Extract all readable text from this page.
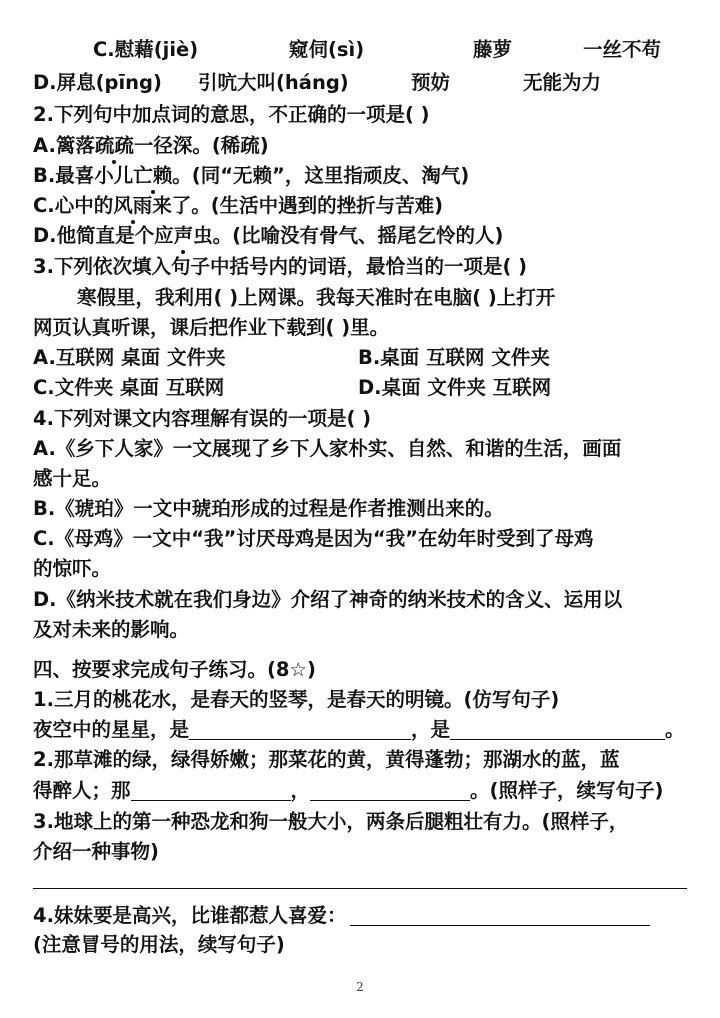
C.慰藉(jiè)	窥伺(sì)	藤萝	一丝不苟
D.屏息(pīng) 引吭大叫(háng)	预妨	无能为力
2.下列句中加点词的意思，不正确的一项是( )
A.篱落疏疏一径深。(稀疏)
B.最喜小儿亡赖。(同“无赖”，这里指顽皮、淘气)
C.心中的风雨来了。(生活中遇到的挫折与苦难)
D.他简直是个应声虫。(比喻没有骨气、摇尾乞怜的人)
3.下列依次填入句子中括号内的词语，最恰当的一项是( )
寒假里，我利用( )上网课。我每天准时在电脑( )上打开
网页认真听课，课后把作业下载到( )里。
A.互联网 桌面 文件夹	B.桌面 互联网 文件夹
C.文件夹 桌面 互联网	D.桌面 文件夹 互联网
4.下列对课文内容理解有误的一项是( )
A.《乡下人家》一文展现了乡下人家朴实、自然、和谐的生活，画面
感十足。
B.《琥珀》一文中琥珀形成的过程是作者推测出来的。
C.《母鸡》一文中“我”讨厌母鸡是因为“我”在幼年时受到了母鸡
的惊吓。
D.《纳米技术就在我们身边》介绍了神奇的纳米技术的含义、运用以
及对未来的影响。
四、按要求完成句子练习。(8☆)
1.三月的桃花水，是春天的竖琴，是春天的明镜。(仿写句子)
夜空中的星星，是	，是	。
2.那草滩的绿，绿得娇嫩；那菜花的黄，黄得蓬勃；那湖水的蓝，蓝
得醉人；那	，	。(照样子，续写句子)
3.地球上的第一种恐龙和狗一般大小，两条后腿粗壮有力。(照样子，
介绍一种事物)
4.妹妹要是高兴，比谁都惹人喜爱：
(注意冒号的用法，续写句子)
2
